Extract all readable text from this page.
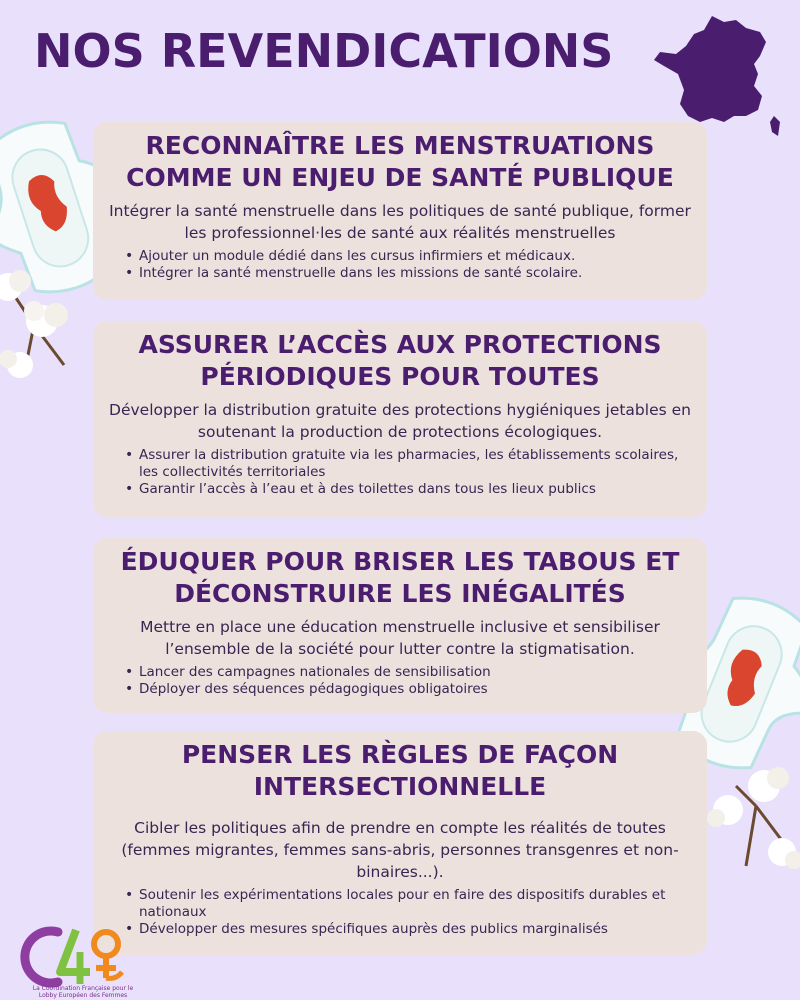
NOS REVENDICATIONS
RECONNAÎTRE LES MENSTRUATIONS
COMME UN ENJEU DE SANTÉ PUBLIQUE

Intégrer la santé menstruelle dans les politiques de santé publique, former les professionnel·les de santé aux réalités menstruelles

• Ajouter un module dédié dans les cursus infirmiers et médicaux.
• Intégrer la santé menstruelle dans les missions de santé scolaire.
ASSURER L’ACCÈS AUX PROTECTIONS
PÉRIODIQUES POUR TOUTES

Développer la distribution gratuite des protections hygiéniques jetables en soutenant la production de protections écologiques.

• Assurer la distribution gratuite via les pharmacies, les établissements scolaires, les collectivités territoriales
• Garantir l’accès à l’eau et à des toilettes dans tous les lieux publics
ÉDUQUER POUR BRISER LES TABOUS ET
DÉCONSTRUIRE LES INÉGALITÉS

Mettre en place une éducation menstruelle inclusive et sensibiliser l’ensemble de la société pour lutter contre la stigmatisation.

• Lancer des campagnes nationales de sensibilisation
• Déployer des séquences pédagogiques obligatoires
PENSER LES RÈGLES DE FAÇON
INTERSECTIONNELLE

Cibler les politiques afin de prendre en compte les réalités de toutes (femmes migrantes, femmes sans-abris, personnes transgenres et non-binaires...).

• Soutenir les expérimentations locales pour en faire des dispositifs durables et nationaux
• Développer des mesures spécifiques auprès des publics marginalisés
La Coordination Française pour le Lobby Européen des Femmes
